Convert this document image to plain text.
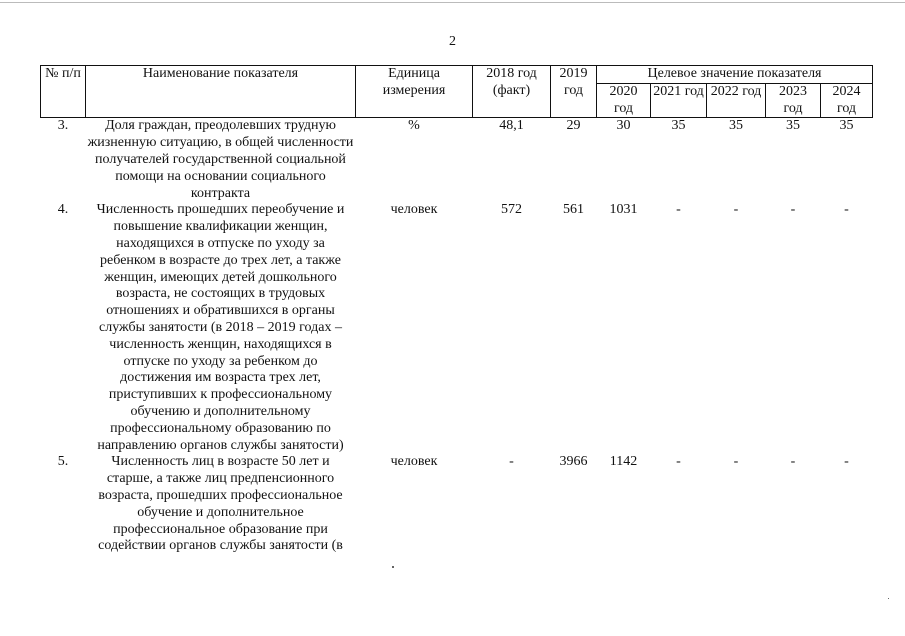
2
№ п/п	Наименование показателя	Единица измерения	2018 год (факт)	2019 год	Целевое значение показателя				
					2020 год	2021 год	2022 год	2023 год	2024 год
3.	Доля граждан, преодолевших трудную жизненную ситуацию, в общей численности получателей государственной социальной помощи на основании социального контракта	%	48,1	29	30	35	35	35	35
4.	Численность прошедших переобучение и повышение квалификации женщин, находящихся в отпуске по уходу за ребенком в возрасте до трех лет, а также женщин, имеющих детей дошкольного возраста, не состоящих в трудовых отношениях и обратившихся в органы службы занятости (в 2018 – 2019 годах – численность женщин, находящихся в отпуске по уходу за ребенком до достижения им возраста трех лет, приступивших к профессиональному обучению и дополнительному профессиональному образованию по направлению органов службы занятости)	человек	572	561	1031	-	-	-	-
5.	Численность лиц в возрасте 50 лет и старше, а также лиц предпенсионного возраста, прошедших профессиональное обучение и дополнительное профессиональное образование при содействии органов службы занятости (в	человек	-	3966	1142	-	-	-	-
